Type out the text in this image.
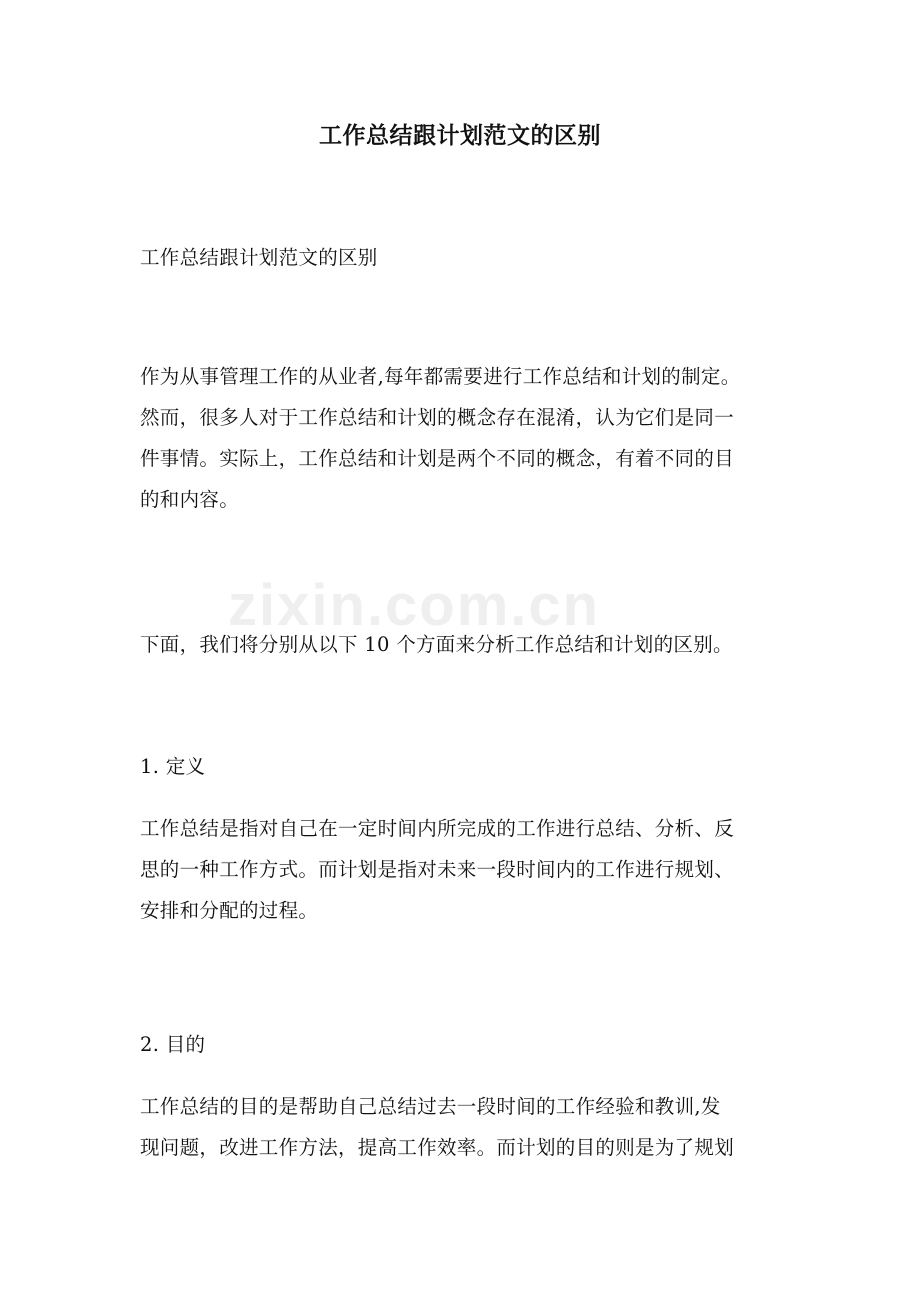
zixin.com.cn
工作总结跟计划范文的区别
工作总结跟计划范文的区别
作为从事管理工作的从业者,每年都需要进行工作总结和计划的制定。
然而，很多人对于工作总结和计划的概念存在混淆，认为它们是同一
件事情。实际上，工作总结和计划是两个不同的概念，有着不同的目
的和内容。
下面，我们将分别从以下 10 个方面来分析工作总结和计划的区别。
1. 定义
工作总结是指对自己在一定时间内所完成的工作进行总结、分析、反
思的一种工作方式。而计划是指对未来一段时间内的工作进行规划、
安排和分配的过程。
2. 目的
工作总结的目的是帮助自己总结过去一段时间的工作经验和教训,发
现问题，改进工作方法，提高工作效率。而计划的目的则是为了规划
